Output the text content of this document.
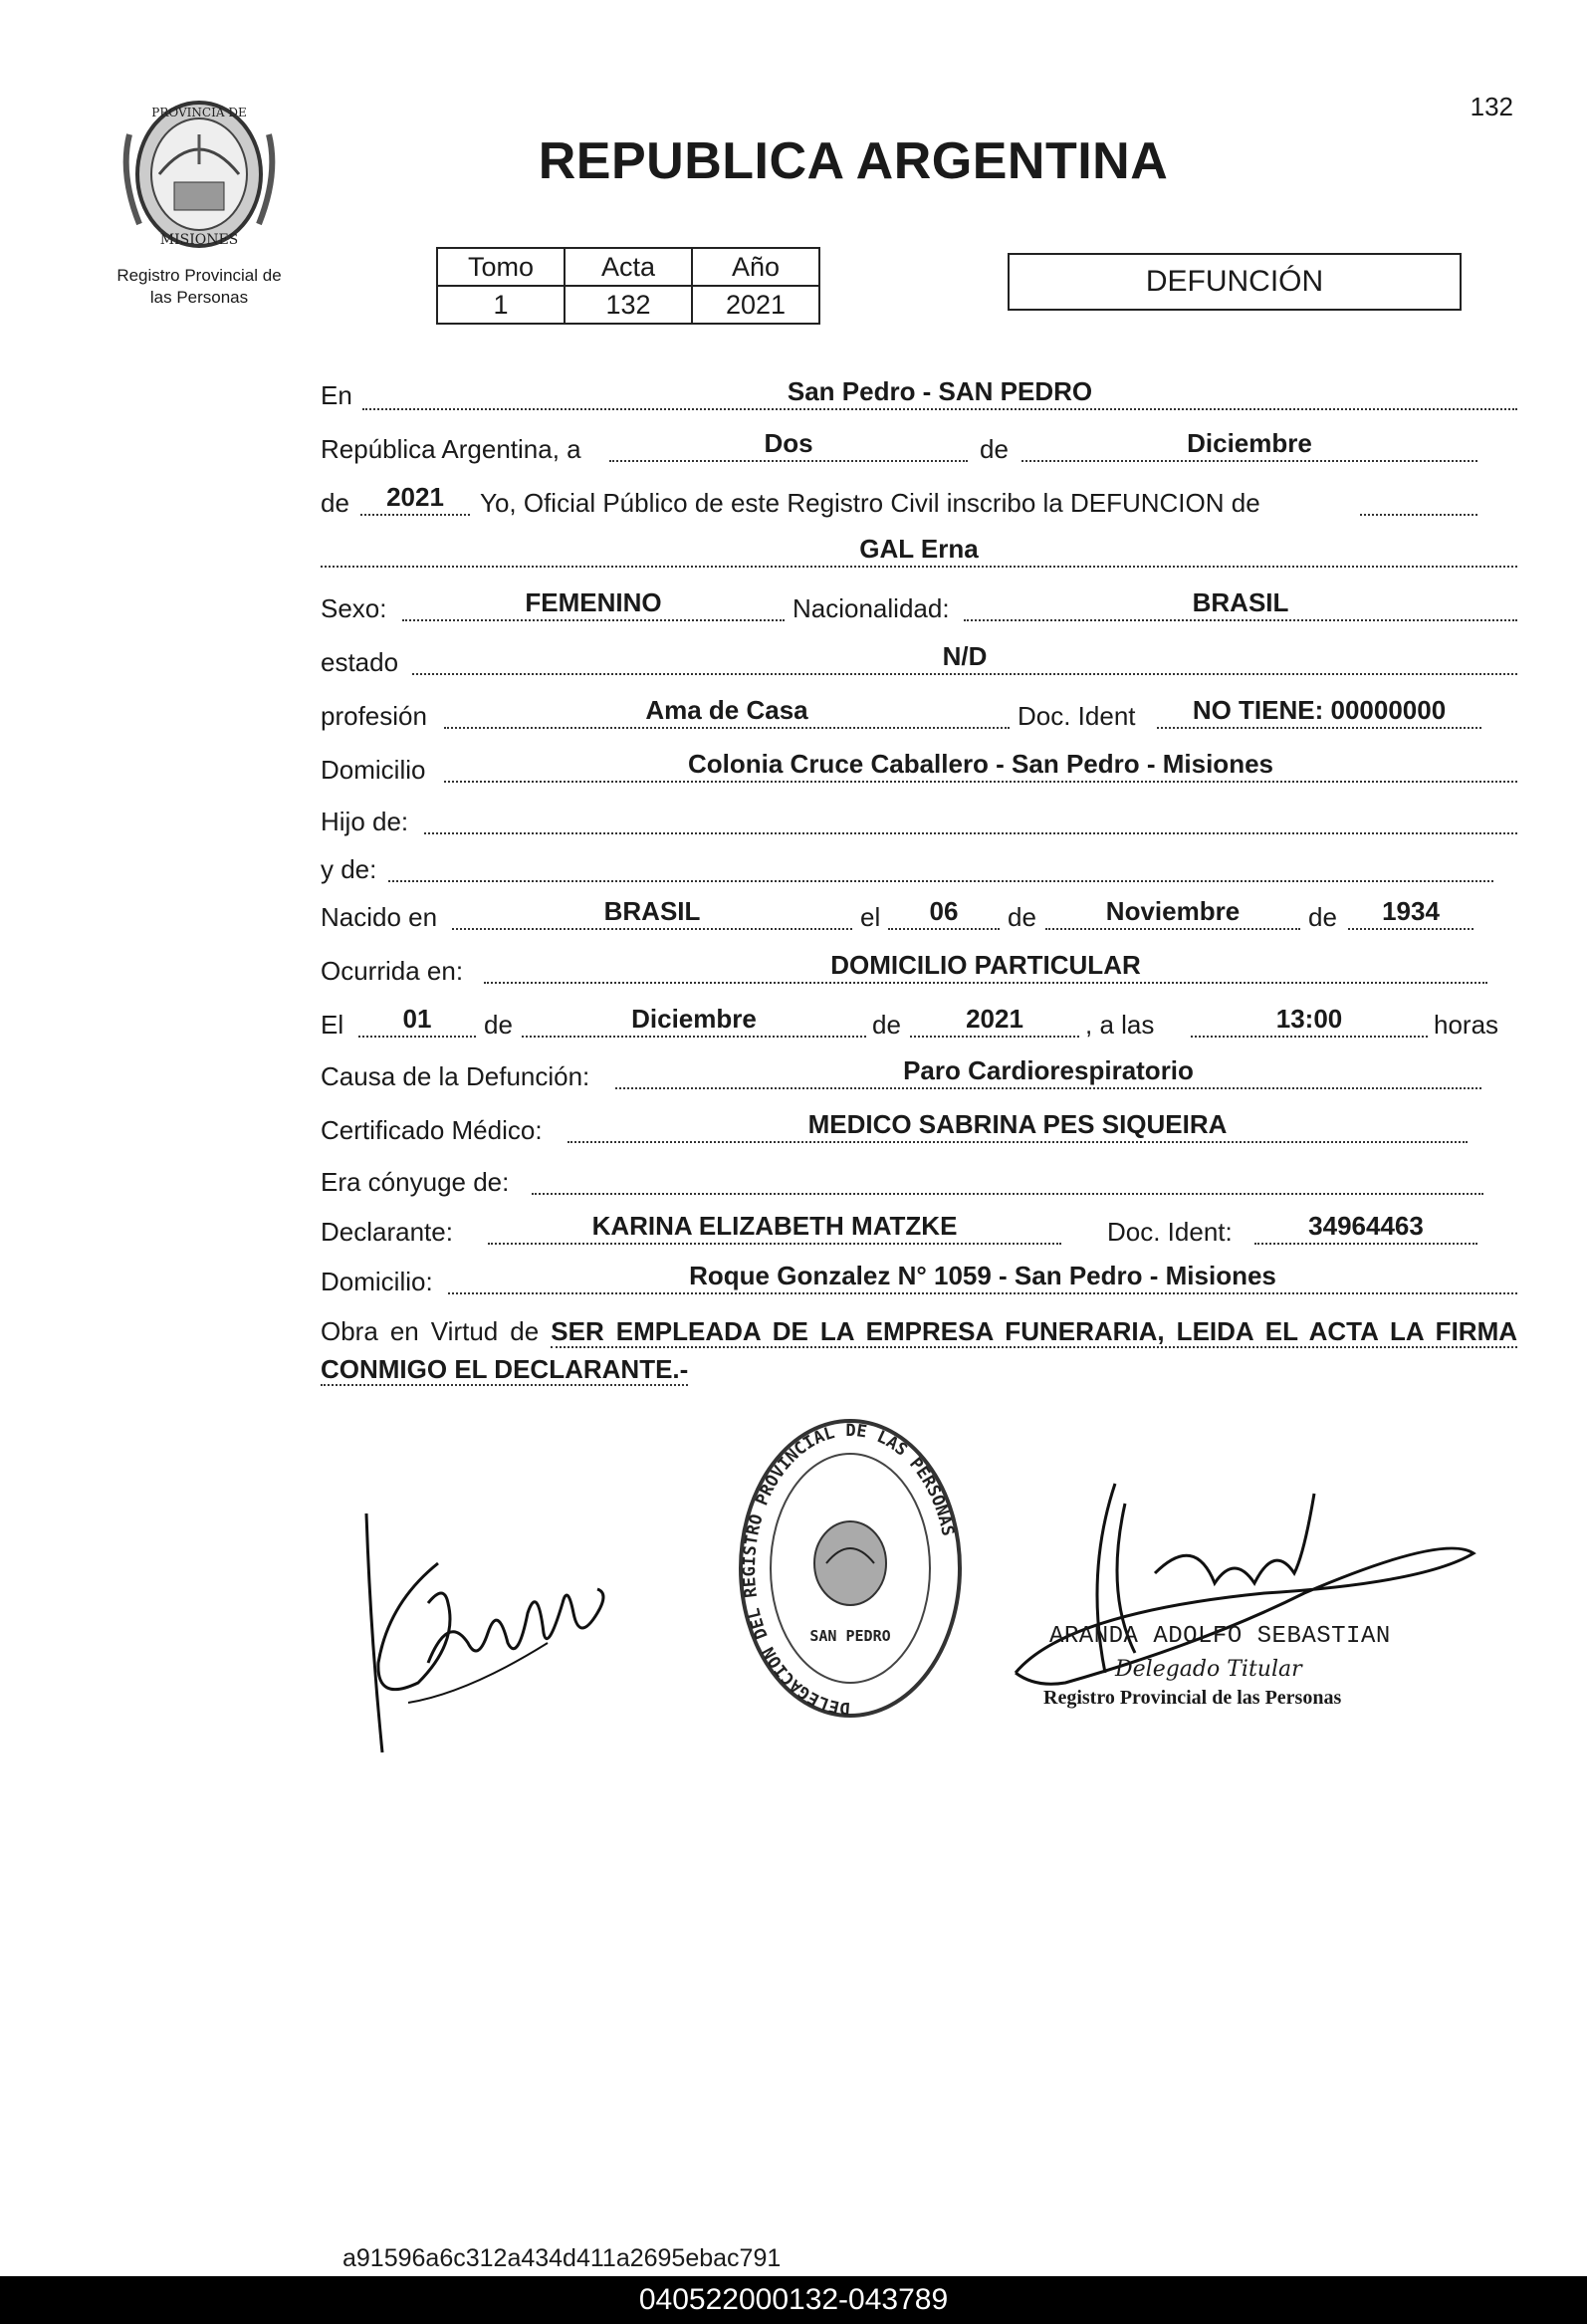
132
PROVINCIA DE
MISIONES
Registro Provincial de
las Personas
REPUBLICA ARGENTINA
Tomo	Acta	Año
1	132	2021
DEFUNCIÓN
En	San Pedro - SAN PEDRO
República Argentina, a	Dos	de	Diciembre
de	2021	Yo, Oficial Público de este Registro Civil inscribo la DEFUNCION de
GAL Erna
Sexo:	FEMENINO	Nacionalidad:	BRASIL
estado	N/D
profesión	Ama de Casa	Doc. Ident	NO TIENE: 00000000
Domicilio	Colonia Cruce Caballero - San Pedro - Misiones
Hijo de:
y de:
Nacido en	BRASIL	el	06	de	Noviembre	de	1934
Ocurrida en:	DOMICILIO PARTICULAR
El	01	de	Diciembre	de	2021	, a las	13:00	horas
Causa de la Defunción:	Paro Cardiorespiratorio
Certificado Médico:	MEDICO SABRINA PES SIQUEIRA
Era cónyuge de:
Declarante:	KARINA ELIZABETH MATZKE	Doc. Ident:	34964463
Domicilio:	Roque Gonzalez N° 1059 - San Pedro - Misiones
Obra en Virtud de SER EMPLEADA DE LA EMPRESA FUNERARIA, LEIDA EL ACTA LA FIRMA CONMIGO EL DECLARANTE.-
DELEGACION DEL REGISTRO PROVINCIAL DE LAS PERSONAS
SAN PEDRO	ARANDA ADOLFO SEBASTIAN
Delegado Titular
Registro Provincial de las Personas
a91596a6c312a434d411a2695ebac791
040522000132-043789
